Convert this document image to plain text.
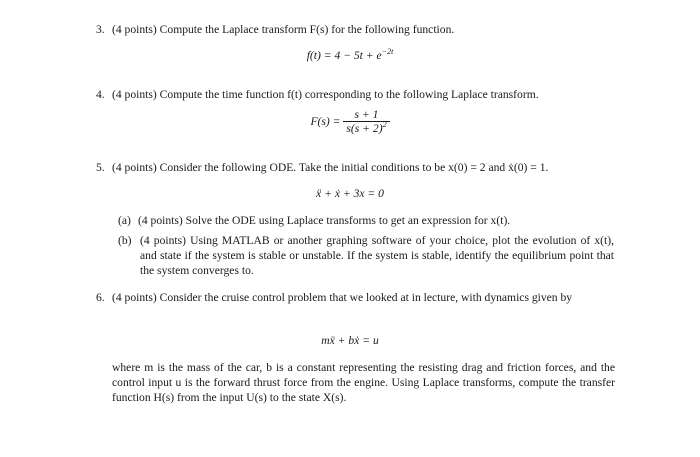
3. (4 points) Compute the Laplace transform F(s) for the following function.
$f(t) = 4 - 5t + e^{-2t}$
4. (4 points) Compute the time function f(t) corresponding to the following Laplace transform.
$F(s) = \frac{s + 1}{s(s + 2)^2}$
5. (4 points) Consider the following ODE. Take the initial conditions to be x(0) = 2 and ẋ(0) = 1.
ẍ + ẋ + 3x = 0
(a) (4 points) Solve the ODE using Laplace transforms to get an expression for x(t).
(b) (4 points) Using MATLAB or another graphing software of your choice, plot the evolution of x(t), and state if the system is stable or unstable. If the system is stable, identify the equilibrium point that the system converges to.
6. (4 points) Consider the cruise control problem that we looked at in lecture, with dynamics given by
mẍ + bẋ = u
where m is the mass of the car, b is a constant representing the resisting drag and friction forces, and the control input u is the forward thrust force from the engine. Using Laplace transforms, compute the transfer function H(s) from the input U(s) to the state X(s).
